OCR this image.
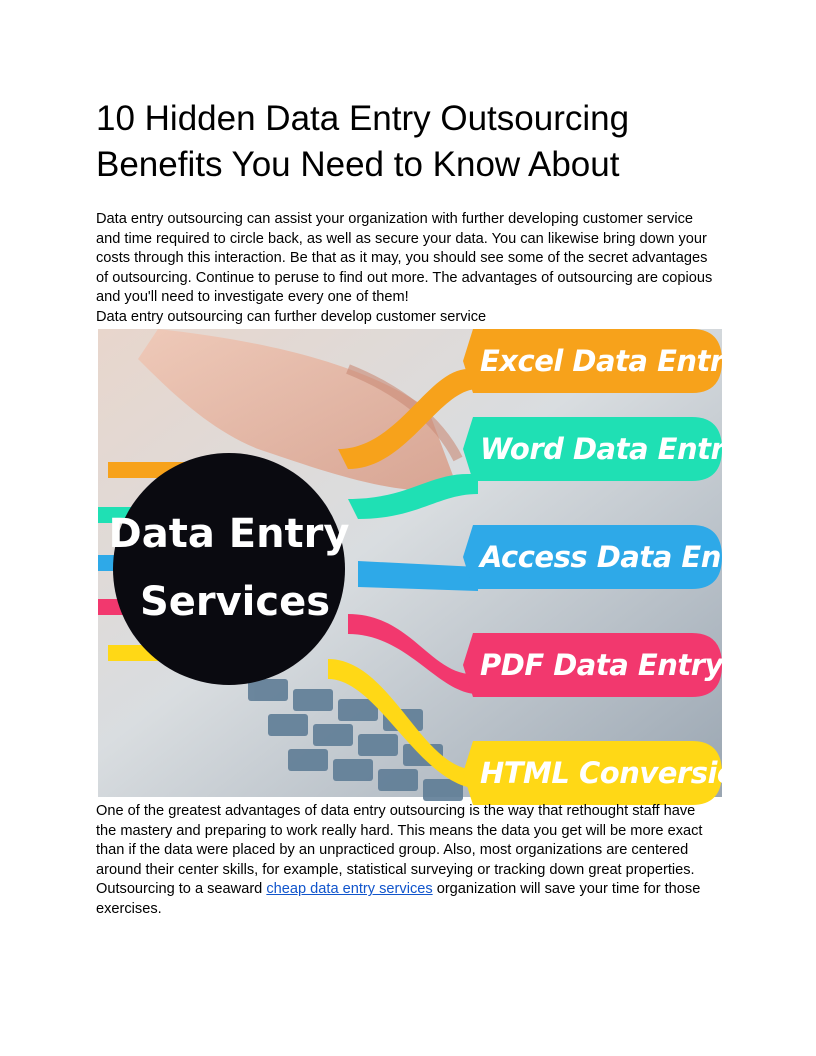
10 Hidden Data Entry Outsourcing
Benefits You Need to Know About

Data entry outsourcing can assist your organization with further developing customer service
and time required to circle back, as well as secure your data. You can likewise bring down your
costs through this interaction. Be that as it may, you should see some of the secret advantages
of outsourcing. Continue to peruse to find out more. The advantages of outsourcing are copious
and you'll need to investigate every one of them!
Data entry outsourcing can further develop customer service

Excel Data Entry
Word Data Entry
Access Data Entry
PDF Data Entry
HTML Conversion
Data Entry
Services

One of the greatest advantages of data entry outsourcing is the way that rethought staff have
the mastery and preparing to work really hard. This means the data you get will be more exact
than if the data were placed by an unpracticed group. Also, most organizations are centered
around their center skills, for example, statistical surveying or tracking down great properties.
Outsourcing to a seaward cheap data entry services organization will save your time for those
exercises.
